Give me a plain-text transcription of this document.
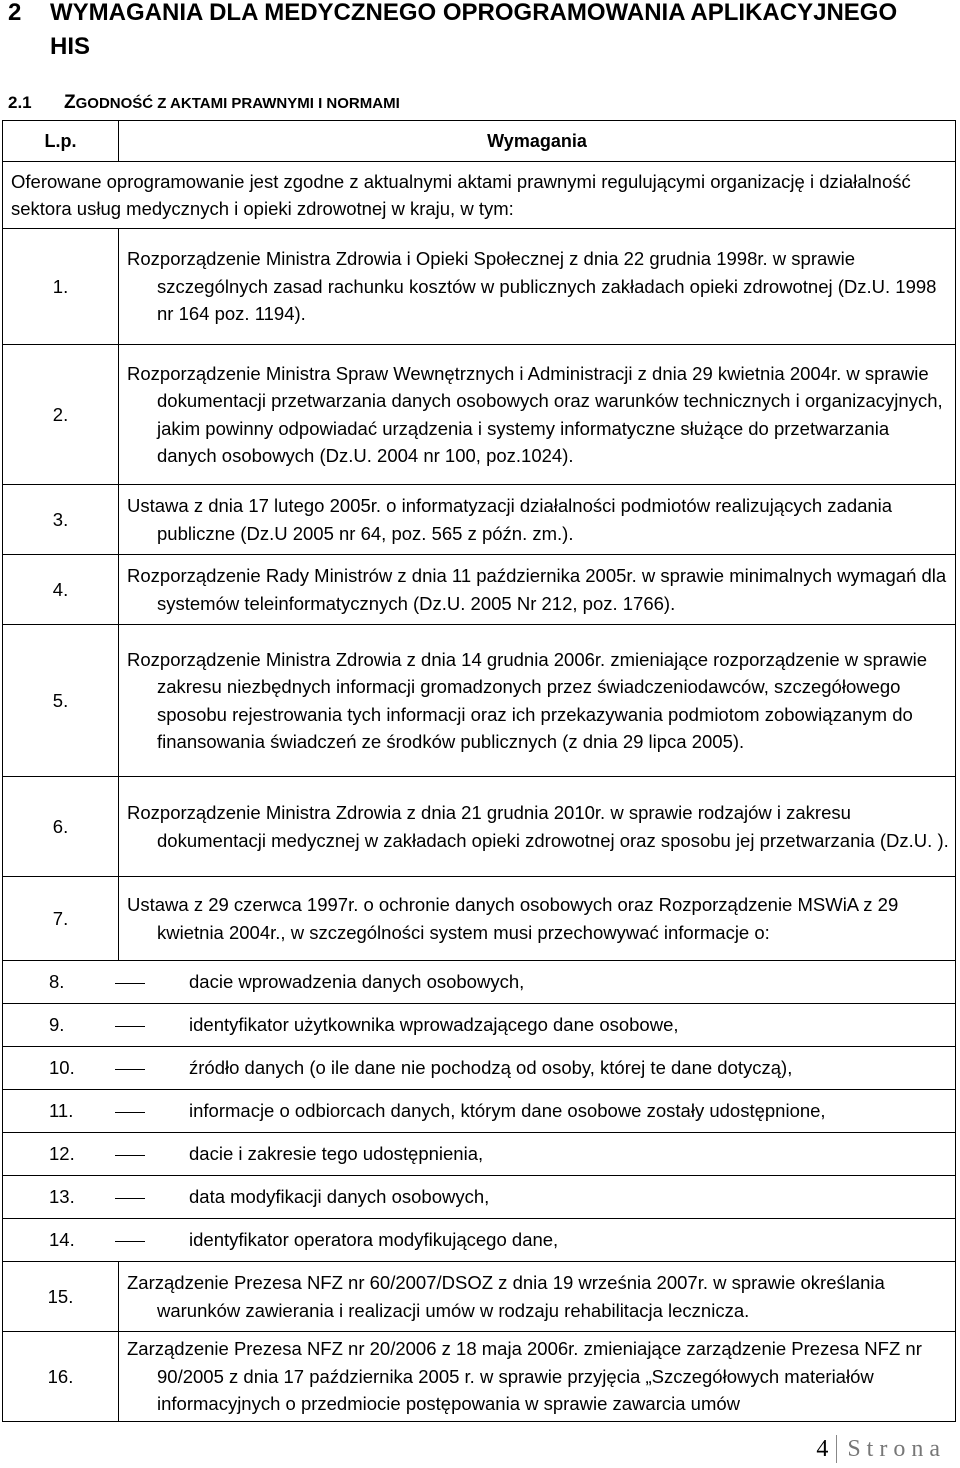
2 WYMAGANIA DLA MEDYCZNEGO OPROGRAMOWANIA APLIKACYJNEGO HIS
2.1 ZGODNOŚĆ Z AKTAMI PRAWNYMI I NORMAMI
L.p.	Wymagania
Oferowane oprogramowanie jest zgodne z aktualnymi aktami prawnymi regulującymi organizację i działalność sektora usług medycznych i opieki zdrowotnej w kraju, w tym:	
1.	Rozporządzenie Ministra Zdrowia i Opieki Społecznej z dnia 22 grudnia 1998r. w sprawie szczególnych zasad rachunku kosztów w publicznych zakładach opieki zdrowotnej (Dz.U. 1998 nr 164 poz. 1194).

2.	Rozporządzenie Ministra Spraw Wewnętrznych i Administracji z dnia 29 kwietnia 2004r. w sprawie dokumentacji przetwarzania danych osobowych oraz warunków technicznych i organizacyjnych, jakim powinny odpowiadać urządzenia i systemy informatyczne służące do przetwarzania danych osobowych (Dz.U. 2004 nr 100, poz.1024).

3.	Ustawa z dnia 17 lutego 2005r. o informatyzacji działalności podmiotów realizujących zadania publiczne (Dz.U 2005 nr 64, poz. 565 z późn. zm.).

4.	Rozporządzenie Rady Ministrów z dnia 11 października 2005r. w sprawie minimalnych wymagań dla systemów teleinformatycznych (Dz.U. 2005 Nr 212, poz. 1766).

5.	Rozporządzenie Ministra Zdrowia z dnia 14 grudnia 2006r. zmieniające rozporządzenie w sprawie zakresu niezbędnych informacji gromadzonych przez świadczeniodawców, szczegółowego sposobu rejestrowania tych informacji oraz ich przekazywania podmiotom zobowiązanym do finansowania świadczeń ze środków publicznych (z dnia 29 lipca 2005).

6.	Rozporządzenie Ministra Zdrowia z dnia 21 grudnia 2010r. w sprawie rodzajów i zakresu dokumentacji medycznej w zakładach opieki zdrowotnej oraz sposobu jej przetwarzania (Dz.U. ).

7.	Ustawa z 29 czerwca 1997r. o ochronie danych osobowych oraz Rozporządzenie MSWiA z 29 kwietnia 2004r., w szczególności system musi przechowywać informacje o:

8. dacie wprowadzenia danych osobowych,	
9. identyfikator użytkownika wprowadzającego dane osobowe,	
10. źródło danych (o ile dane nie pochodzą od osoby, której te dane dotyczą),	
11. informacje o odbiorcach danych, którym dane osobowe zostały udostępnione,	
12. dacie i zakresie tego udostępnienia,	
13. data modyfikacji danych osobowych,	
14. identyfikator operatora modyfikującego dane,	
15.	Zarządzenie Prezesa NFZ nr 60/2007/DSOZ z dnia 19 września 2007r. w sprawie określania warunków zawierania i realizacji umów w rodzaju rehabilitacja lecznicza.

16.	Zarządzenie Prezesa NFZ nr 20/2006 z 18 maja 2006r. zmieniające zarządzenie Prezesa NFZ nr 90/2005 z dnia 17 października 2005 r. w sprawie przyjęcia „Szczegółowych materiałów informacyjnych o przedmiocie postępowania w sprawie zawarcia umów
4 Strona
